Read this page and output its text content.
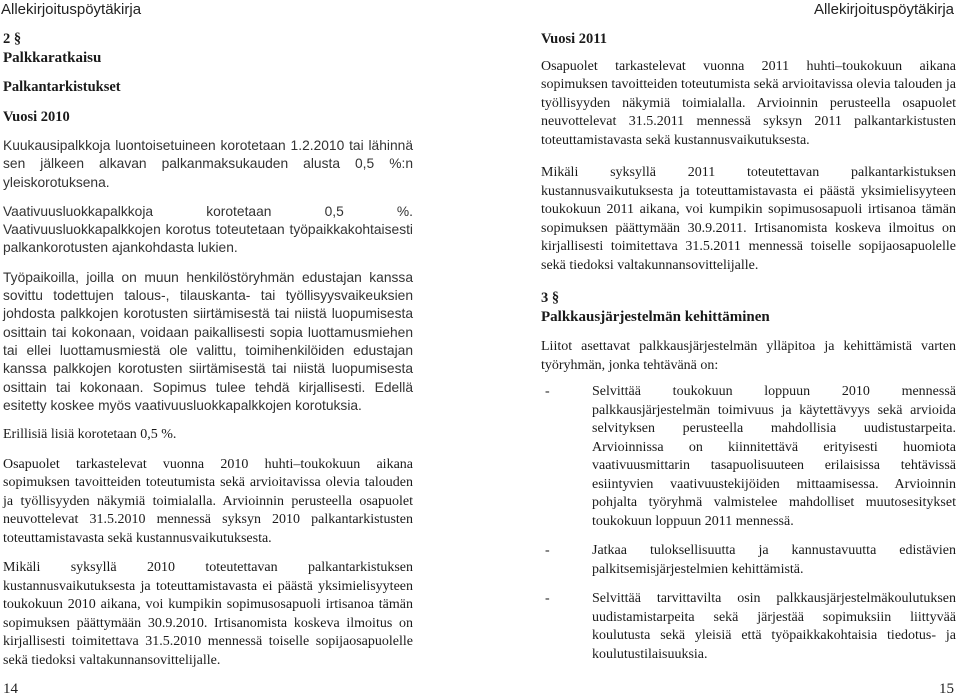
Allekirjoituspöytäkirja	Allekirjoituspöytäkirja
2 §
Palkkaratkaisu
Palkantarkistukset
Vuosi 2010

Kuukausipalkkoja luontoisetuineen korotetaan 1.2.2010 tai lähinnä sen jälkeen alkavan palkanmaksukauden alusta 0,5 %:n yleiskorotuksena.

Vaativuusluokkapalkkoja korotetaan 0,5 %. Vaativuusluokkapalkkojen korotus toteutetaan työpaikkakohtaisesti palkankorotusten ajankohdasta lukien.

Työpaikoilla, joilla on muun henkilöstöryhmän edustajan kanssa sovittu todettujen talous-, tilauskanta- tai työllisyysvaikeuksien johdosta palkkojen korotusten siirtämisestä tai niistä luopumisesta osittain tai kokonaan, voidaan paikallisesti sopia luottamusmiehen tai ellei luottamusmiestä ole valittu, toimihenkilöiden edustajan kanssa palkkojen korotusten siirtämisestä tai niistä luopumisesta osittain tai kokonaan. Sopimus tulee tehdä kirjallisesti. Edellä esitetty koskee myös vaativuusluokkapalkkojen korotuksia.

Erillisiä lisiä korotetaan 0,5 %.

Osapuolet tarkastelevat vuonna 2010 huhti–toukokuun aikana sopimuksen tavoitteiden toteutumista sekä arvioitavissa olevia talouden ja työllisyyden näkymiä toimialalla. Arvioinnin perusteella osapuolet neuvottelevat 31.5.2010 mennessä syksyn 2010 palkantarkistusten toteuttamistavasta sekä kustannusvaikutuksesta.

Mikäli syksyllä 2010 toteutettavan palkantarkistuksen kustannusvaikutuksesta ja toteuttamistavasta ei päästä yksimielisyyteen toukokuun 2010 aikana, voi kumpikin sopimusosapuoli irtisanoa tämän sopimuksen päättymään 30.9.2010. Irtisanomista koskeva ilmoitus on kirjallisesti toimitettava 31.5.2010 mennessä toiselle sopijaosapuolelle sekä tiedoksi valtakunnansovittelijalle.

Vuosi 2011

Osapuolet tarkastelevat vuonna 2011 huhti–toukokuun aikana sopimuksen tavoitteiden toteutumista sekä arvioitavissa olevia talouden ja työllisyyden näkymiä toimialalla. Arvioinnin perusteella osapuolet neuvottelevat 31.5.2011 mennessä syksyn 2011 palkantarkistusten toteuttamistavasta sekä kustannusvaikutuksesta.

Mikäli syksyllä 2011 toteutettavan palkantarkistuksen kustannusvaikutuksesta ja toteuttamistavasta ei päästä yksimielisyyteen toukokuun 2011 aikana, voi kumpikin sopimusosapuoli irtisanoa tämän sopimuksen päättymään 30.9.2011. Irtisanomista koskeva ilmoitus on kirjallisesti toimitettava 31.5.2011 mennessä toiselle sopijaosapuolelle sekä tiedoksi valtakunnansovittelijalle.

3 §
Palkkausjärjestelmän kehittäminen

Liitot asettavat palkkausjärjestelmän ylläpitoa ja kehittämistä varten työryhmän, jonka tehtävänä on:

-	Selvittää toukokuun loppuun 2010 mennessä palkkausjärjestelmän toimivuus ja käytettävyys sekä arvioida selvityksen perusteella mahdollisia uudistustarpeita. Arvioinnissa on kiinnitettävä erityisesti huomiota vaativuusmittarin tasapuolisuuteen erilaisissa tehtävissä esiintyvien vaativuustekijöiden mittaamisessa. Arvioinnin pohjalta työryhmä valmistelee mahdolliset muutosesitykset toukokuun loppuun 2011 mennessä.
-	Jatkaa tuloksellisuutta ja kannustavuutta edistävien palkitsemisjärjestelmien kehittämistä.
-	Selvittää tarvittavilta osin palkkausjärjestelmäkoulutuksen uudistamistarpeita sekä järjestää sopimuksiin liittyvää koulutusta sekä yleisiä että työpaikkakohtaisia tiedotus- ja koulutustilaisuuksia.
14	15
